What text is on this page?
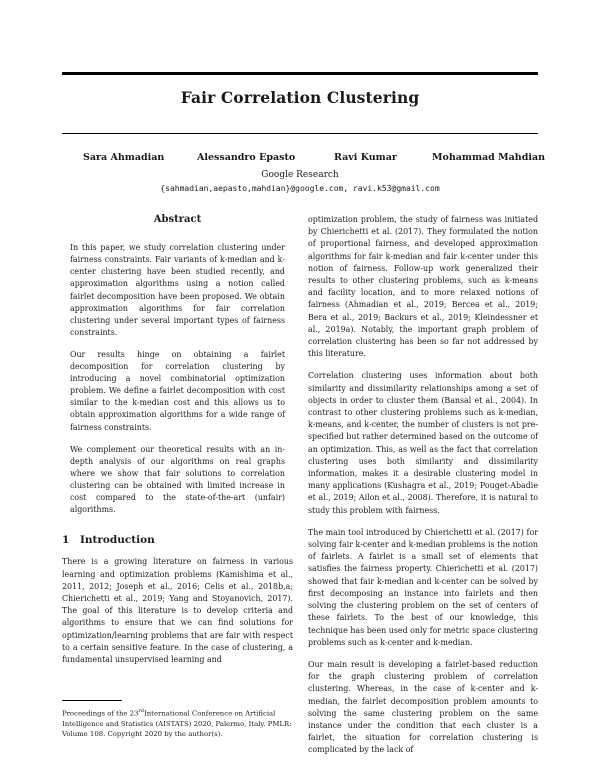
Fair Correlation Clustering
Sara Ahmadian	Alessandro Epasto	Ravi Kumar	Mohammad Mahdian
Google Research
{sahmadian,aepasto,mahdian}@google.com, ravi.k53@gmail.com
Abstract

In this paper, we study correlation clustering under fairness constraints. Fair variants of k-median and k-center clustering have been studied recently, and approximation algorithms using a notion called fairlet decomposition have been proposed. We obtain approximation algorithms for fair correlation clustering under several important types of fairness constraints.

Our results hinge on obtaining a fairlet decomposition for correlation clustering by introducing a novel combinatorial optimization problem. We define a fairlet decomposition with cost similar to the k-median cost and this allows us to obtain approximation algorithms for a wide range of fairness constraints.

We complement our theoretical results with an in-depth analysis of our algorithms on real graphs where we show that fair solutions to correlation clustering can be obtained with limited increase in cost compared to the state-of-the-art (unfair) algorithms.

1 Introduction

There is a growing literature on fairness in various learning and optimization problems (Kamishima et al., 2011, 2012; Joseph et al., 2016; Celis et al., 2018b,a; Chierichetti et al., 2019; Yang and Stoyanovich, 2017). The goal of this literature is to develop criteria and algorithms to ensure that we can find solutions for optimization/learning problems that are fair with respect to a certain sensitive feature. In the case of clustering, a fundamental unsupervised learning and

optimization problem, the study of fairness was initiated by Chierichetti et al. (2017). They formulated the notion of proportional fairness, and developed approximation algorithms for fair k-median and fair k-center under this notion of fairness. Follow-up work generalized their results to other clustering problems, such as k-means and facility location, and to more relaxed notions of fairness (Ahmadian et al., 2019; Bercea et al., 2019; Bera et al., 2019; Backurs et al., 2019; Kleindessner et al., 2019a). Notably, the important graph problem of correlation clustering has been so far not addressed by this literature.

Correlation clustering uses information about both similarity and dissimilarity relationships among a set of objects in order to cluster them (Bansal et al., 2004). In contrast to other clustering problems such as k-median, k-means, and k-center, the number of clusters is not pre-specified but rather determined based on the outcome of an optimization. This, as well as the fact that correlation clustering uses both similarity and dissimilarity information, makes it a desirable clustering model in many applications (Kushagra et al., 2019; Pouget-Abadie et al., 2019; Ailon et al., 2008). Therefore, it is natural to study this problem with fairness.

The main tool introduced by Chierichetti et al. (2017) for solving fair k-center and k-median problems is the notion of fairlets. A fairlet is a small set of elements that satisfies the fairness property. Chierichetti et al. (2017) showed that fair k-median and k-center can be solved by first decomposing an instance into fairlets and then solving the clustering problem on the set of centers of these fairlets. To the best of our knowledge, this technique has been used only for metric space clustering problems such as k-center and k-median.

Our main result is developing a fairlet-based reduction for the graph clustering problem of correlation clustering. Whereas, in the case of k-center and k-median, the fairlet decomposition problem amounts to solving the same clustering problem on the same instance under the condition that each cluster is a fairlet, the situation for correlation clustering is complicated by the lack of

Proceedings of the 23rdInternational Conference on Artificial Intelligence and Statistics (AISTATS) 2020, Palermo, Italy. PMLR: Volume 108. Copyright 2020 by the author(s).
